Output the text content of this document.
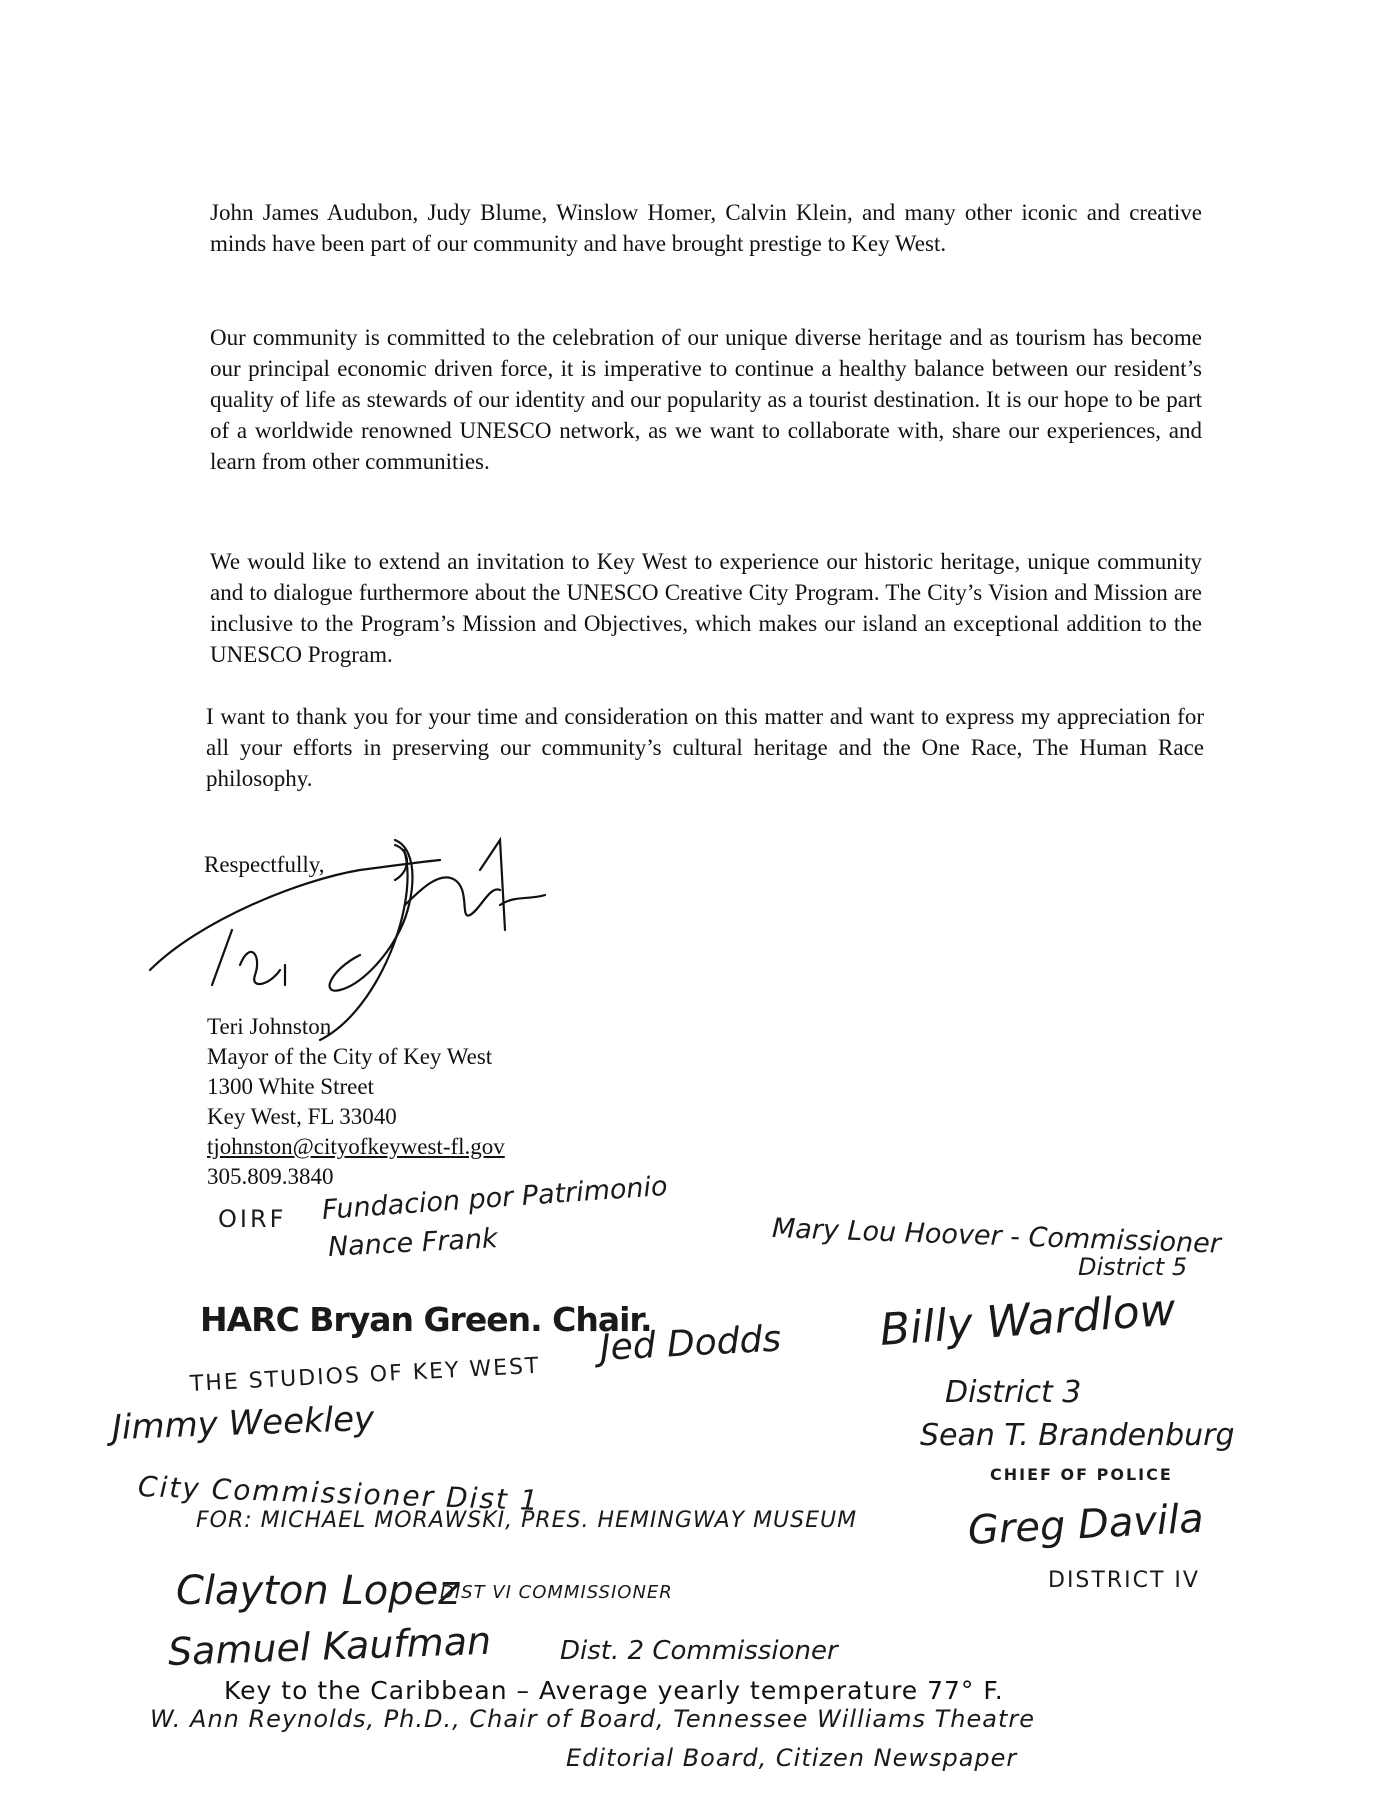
John James Audubon, Judy Blume, Winslow Homer, Calvin Klein, and many other iconic and creative minds have been part of our community and have brought prestige to Key West.

Our community is committed to the celebration of our unique diverse heritage and as tourism has become our principal economic driven force, it is imperative to continue a healthy balance between our resident’s quality of life as stewards of our identity and our popularity as a tourist destination. It is our hope to be part of a worldwide renowned UNESCO network, as we want to collaborate with, share our experiences, and learn from other communities.

We would like to extend an invitation to Key West to experience our historic heritage, unique community and to dialogue furthermore about the UNESCO Creative City Program. The City’s Vision and Mission are inclusive to the Program’s Mission and Objectives, which makes our island an exceptional addition to the UNESCO Program.

I want to thank you for your time and consideration on this matter and want to express my appreciation for all your efforts in preserving our community’s cultural heritage and the One Race, The Human Race philosophy.

Respectfully,
Teri Johnston
Mayor of the City of Key West
1300 White Street
Key West, FL 33040
tjohnston@cityofkeywest-fl.gov
305.809.3840
OIRF Fundacion por Patrimonio
Nance Frank	Mary Lou Hoover - Commissioner
District 5
HARC Bryan Green. Chair.
THE STUDIOS OF KEY WEST
Jed Dodds Billy Wardlow
District 3
Jimmy Weekley
City Commissioner Dist 1
Sean T. Brandenburg
CHIEF OF POLICE
FOR: MICHAEL MORAWSKI, PRES. HEMINGWAY MUSEUM	Greg Davila
DISTRICT IV
Clayton Lopez
DIST VI COMMISSIONER
Samuel Kaufman	Dist. 2 Commissioner
Key to the Caribbean – Average yearly temperature 77° F.
W. Ann Reynolds, Ph.D., Chair of Board, Tennessee Williams Theatre
Editorial Board, Citizen Newspaper
